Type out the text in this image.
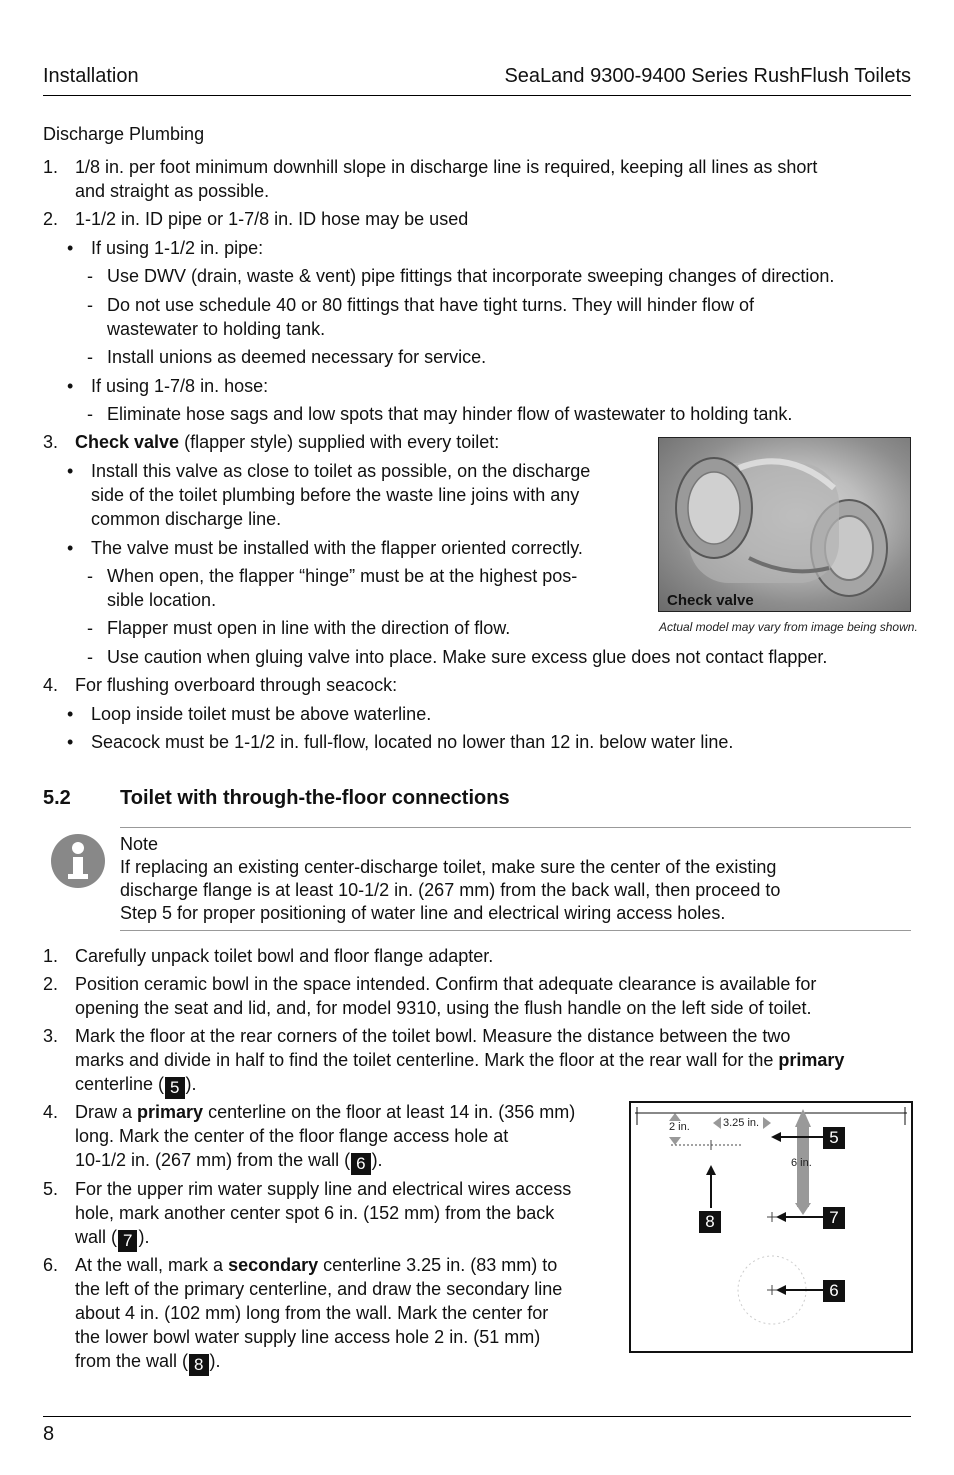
Installation	SeaLand 9300-9400 Series RushFlush Toilets
Discharge Plumbing
1. 1/8 in. per foot minimum downhill slope in discharge line is required, keeping all lines as short
and straight as possible.
2. 1-1/2 in. ID pipe or 1-7/8 in. ID hose may be used
• If using 1-1/2 in. pipe:
- Use DWV (drain, waste & vent) pipe fittings that incorporate sweeping changes of direction.
- Do not use schedule 40 or 80 fittings that have tight turns. They will hinder flow of
wastewater to holding tank.
- Install unions as deemed necessary for service.
• If using 1-7/8 in. hose:
- Eliminate hose sags and low spots that may hinder flow of wastewater to holding tank.
3. Check valve (flapper style) supplied with every toilet:
• Install this valve as close to toilet as possible, on the discharge
side of the toilet plumbing before the waste line joins with any
common discharge line.
• The valve must be installed with the flapper oriented correctly.
- When open, the flapper “hinge” must be at the highest pos-
sible location.
- Flapper must open in line with the direction of flow.
- Use caution when gluing valve into place. Make sure excess glue does not contact flapper.
4. For flushing overboard through seacock:
• Loop inside toilet must be above waterline.
• Seacock must be 1-1/2 in. full-flow, located no lower than 12 in. below water line.
Check valve
Actual model may vary from image being shown.
5.2 Toilet with through-the-floor connections
Note
If replacing an existing center-discharge toilet, make sure the center of the existing
discharge flange is at least 10-1/2 in. (267 mm) from the back wall, then proceed to
Step 5 for proper positioning of water line and electrical wiring access holes.
1. Carefully unpack toilet bowl and floor flange adapter.
2. Position ceramic bowl in the space intended. Confirm that adequate clearance is available for
opening the seat and lid, and, for model 9310, using the flush handle on the left side of toilet.
3. Mark the floor at the rear corners of the toilet bowl. Measure the distance between the two
marks and divide in half to find the toilet centerline. Mark the floor at the rear wall for the primary
centerline ( 5 ).
4. Draw a primary centerline on the floor at least 14 in. (356 mm)
long. Mark the center of the floor flange access hole at
10-1/2 in. (267 mm) from the wall ( 6 ).
5. For the upper rim water supply line and electrical wires access
hole, mark another center spot 6 in. (152 mm) from the back
wall ( 7 ).
6. At the wall, mark a secondary centerline 3.25 in. (83 mm) to
the left of the primary centerline, and draw the secondary line
about 4 in. (102 mm) long from the wall. Mark the center for
the lower bowl water supply line access hole 2 in. (51 mm)
from the wall ( 8 ).
2 in.	3.25 in.
6 in.
5
8	7
6
8
